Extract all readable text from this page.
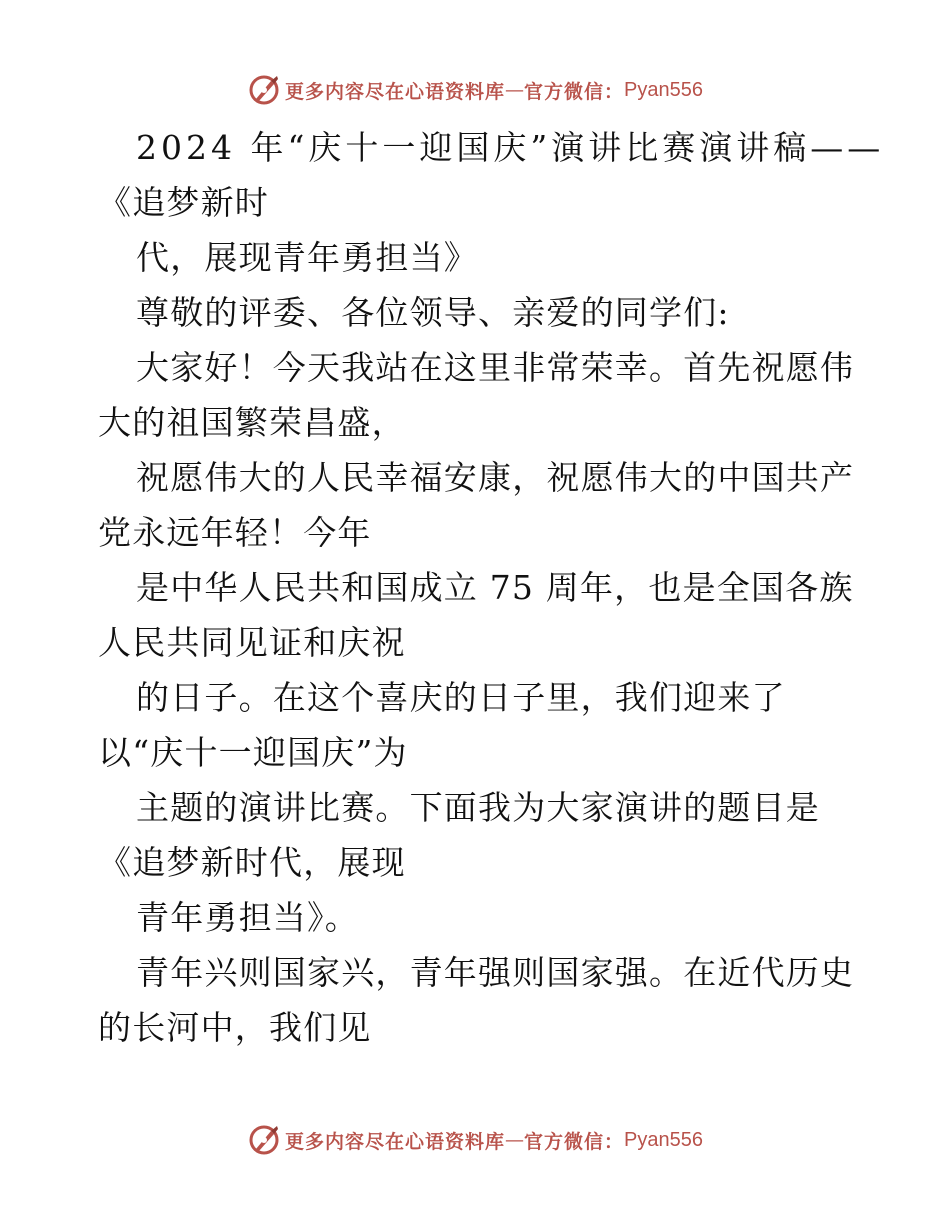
更多内容尽在心语资料库 — 官方微信： Pyan556

2024 年“庆十一迎国庆”演讲比赛演讲稿——

《追梦新时

代，展现青年勇担当》

尊敬的评委、各位领导、亲爱的同学们:

大家好！今天我站在这里非常荣幸。首先祝愿伟

大的祖国繁荣昌盛，

祝愿伟大的人民幸福安康，祝愿伟大的中国共产

党永远年轻！今年

是中华人民共和国成立 75 周年，也是全国各族

人民共同见证和庆祝

的日子。在这个喜庆的日子里，我们迎来了

以“庆十一迎国庆”为

主题的演讲比赛。下面我为大家演讲的题目是

《追梦新时代，展现

青年勇担当》。

青年兴则国家兴，青年强则国家强。在近代历史

的长河中，我们见

更多内容尽在心语资料库 — 官方微信： Pyan556
